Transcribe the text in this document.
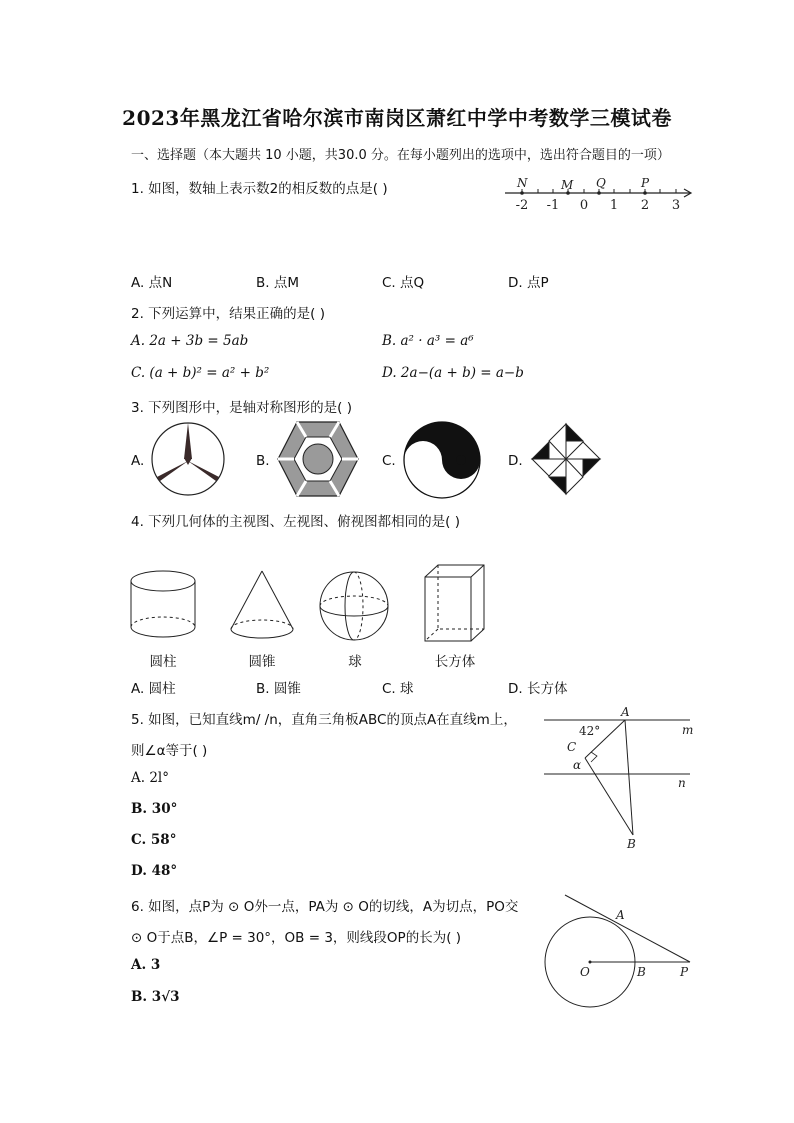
2023年黑龙江省哈尔滨市南岗区萧红中学中考数学三模试卷
一、选择题（本大题共 10 小题，共30.0 分。在每小题列出的选项中，选出符合题目的一项）
1. 如图，数轴上表示数2的相反数的点是( )	N	M Q	P
-2 -1 0 1 2 3
A. 点N	B. 点M	C. 点Q	D. 点P
2. 下列运算中，结果正确的是( )
A. 2a + 3b = 5ab	B. a² · a³ = a⁶
C. (a + b)² = a² + b²	D. 2a−(a + b) = a−b
3. 下列图形中，是轴对称图形的是( )
A.	B.	C.	D.
4. 下列几何体的主视图、左视图、俯视图都相同的是( )
圆柱	圆锥	球	长方体
A. 圆柱	B. 圆锥	C. 球	D. 长方体
5. 如图，已知直线m/ /n，直角三角板ABC的顶点A在直线m上，
则∠α等于( )
42°
A
m
C
α
n
B
A. 2l°
B. 30°
C. 58°
D. 48°
6. 如图，点P为 ⊙ O外一点，PA为 ⊙ O的切线，A为切点，PO交
⊙ O于点B，∠P = 30°，OB = 3，则线段OP的长为( )
A
O	B	P
A. 3
B. 3√3
